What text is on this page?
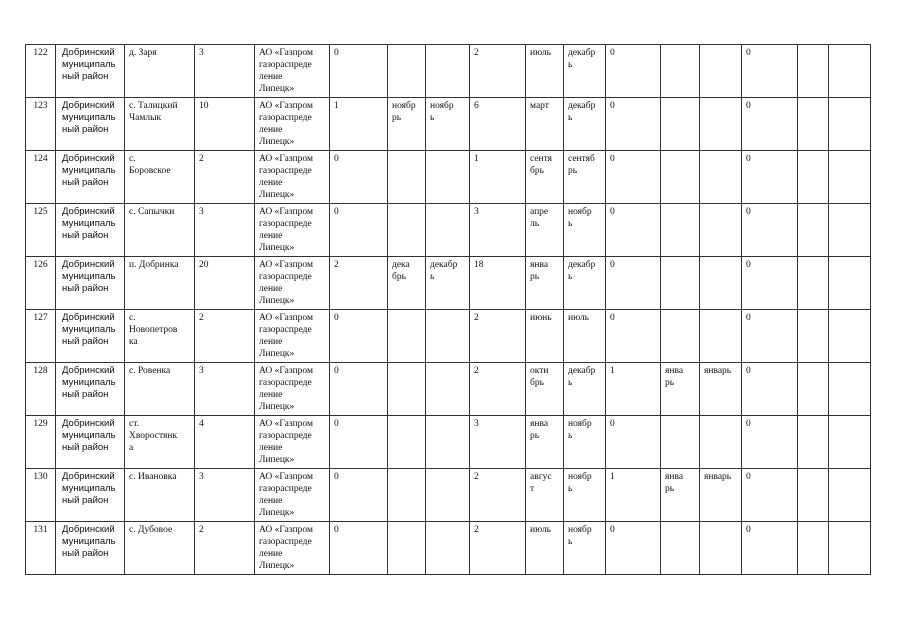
122	Добринский
муниципаль
ный район	д. Заря	3	АО «Газпром
газораспреде
ление
Липецк»	0			2	июль	декабр
ь	0			0		
123	Добринский
муниципаль
ный район	с. Талицкий
Чамлык	10	АО «Газпром
газораспреде
ление
Липецк»	1	ноябр
рь	ноябр
ь	6	март	декабр
ь	0			0		
124	Добринский
муниципаль
ный район	с.
Боровское	2	АО «Газпром
газораспреде
ление
Липецк»	0			1	сентя
брь	сентяб
рь	0			0		
125	Добринский
муниципаль
ный район	с. Сапычки	3	АО «Газпром
газораспреде
ление
Липецк»	0			3	апре
ль	ноябр
ь	0			0		
126	Добринский
муниципаль
ный район	п. Добринка	20	АО «Газпром
газораспреде
ление
Липецк»	2	дека
брь	декабр
ь	18	янва
рь	декабр
ь	0			0		
127	Добринский
муниципаль
ный район	с.
Новопетров
ка	2	АО «Газпром
газораспреде
ление
Липецк»	0			2	июнь	июль	0			0		
128	Добринский
муниципаль
ный район	с. Ровенка	3	АО «Газпром
газораспреде
ление
Липецк»	0			2	окти
брь	декабр
ь	1	янва
рь	январь	0		
129	Добринский
муниципаль
ный район	ст.
Хворостянк
а	4	АО «Газпром
газораспреде
ление
Липецк»	0			3	янва
рь	ноябр
ь	0			0		
130	Добринский
муниципаль
ный район	с. Ивановка	3	АО «Газпром
газораспреде
ление
Липецк»	0			2	авгус
т	ноябр
ь	1	янва
рь	январь	0		
131	Добринский
муниципаль
ный район	с. Дубовое	2	АО «Газпром
газораспреде
ление
Липецк»	0			2	июль	ноябр
ь	0			0		
